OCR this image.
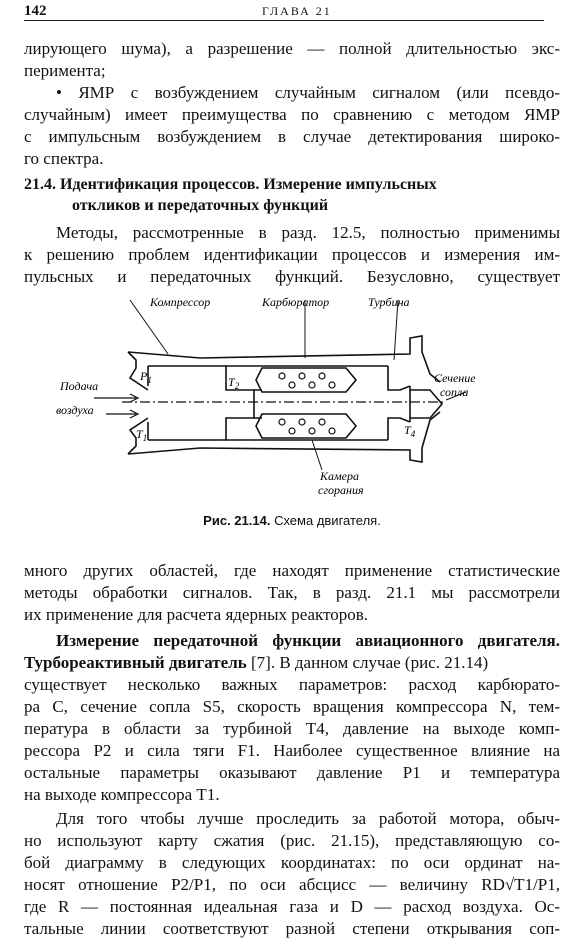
142	ГЛАВА 21
лирующего шума), а разрешение — полной длительностью экс-
перимента;
• ЯМР с возбуждением случайным сигналом (или псевдо-
случайным) имеет преимущества по сравнению с методом ЯМР
с импульсным возбуждением в случае детектирования широко-
го спектра.
21.4. Идентификация процессов. Измерение импульсных
откликов и передаточных функций
Методы, рассмотренные в разд. 12.5, полностью применимы
к решению проблем идентификации процессов и измерения им-
пульсных и передаточных функций. Безусловно, существует
Компрессор	Карбюратор	Турбина
Подача
воздуха
$P_1$
$T_1$
$T_2$
$T_4$
Сечение
сопла
Камера
сгорания
Рис. 21.14. Схема двигателя.
много других областей, где находят применение статистические
методы обработки сигналов. Так, в разд. 21.1 мы рассмотрели
их применение для расчета ядерных реакторов.
Измерение передаточной функции авиационного двигателя.
Турбореактивный двигатель [7]. В данном случае (рис. 21.14)
существует несколько важных параметров: расход карбюрато-
ра C, сечение сопла S5, скорость вращения компрессора N, тем-
пература в области за турбиной T4, давление на выходе комп-
рессора P2 и сила тяги F1. Наиболее существенное влияние на
остальные параметры оказывают давление P1 и температура
на выходе компрессора T1.
Для того чтобы лучше проследить за работой мотора, обыч-
но используют карту сжатия (рис. 21.15), представляющую со-
бой диаграмму в следующих координатах: по оси ординат на-
носят отношение P2/P1, по оси абсцисс — величину RD√T1/P1,
где R — постоянная идеальная газа и D — расход воздуха. Ос-
тальные линии соответствуют разной степени открывания соп-
